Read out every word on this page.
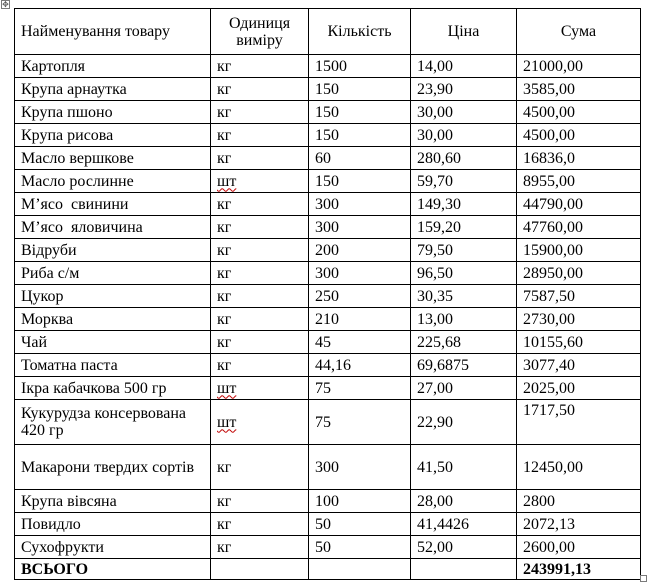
✥
Найменування товару	Одиниця виміру	Кількість	Ціна	Сума
Картопля	кг	1500	14,00	21000,00
Крупа арнаутка	кг	150	23,90	3585,00
Крупа пшоно	кг	150	30,00	4500,00
Крупа рисова	кг	150	30,00	4500,00
Масло вершкове	кг	60	280,60	16836,0
Масло рослинне	шт	150	59,70	8955,00
М’ясо  свинини	кг	300	149,30	44790,00
М’ясо  яловичина	кг	300	159,20	47760,00
Відруби	кг	200	79,50	15900,00
Риба с/м	кг	300	96,50	28950,00
Цукор	кг	250	30,35	7587,50
Морква	кг	210	13,00	2730,00
Чай	кг	45	225,68	10155,60
Томатна паста	кг	44,16	69,6875	3077,40
Ікра кабачкова 500 гр	шт	75	27,00	2025,00
Кукурудза консервована 420 гр	шт	75	22,90	1717,50
Макарони твердих сортів	кг	300	41,50	12450,00
Крупа вівсяна	кг	100	28,00	2800
Повидло	кг	50	41,4426	2072,13
Сухофрукти	кг	50	52,00	2600,00
ВСЬОГО				243991,13
